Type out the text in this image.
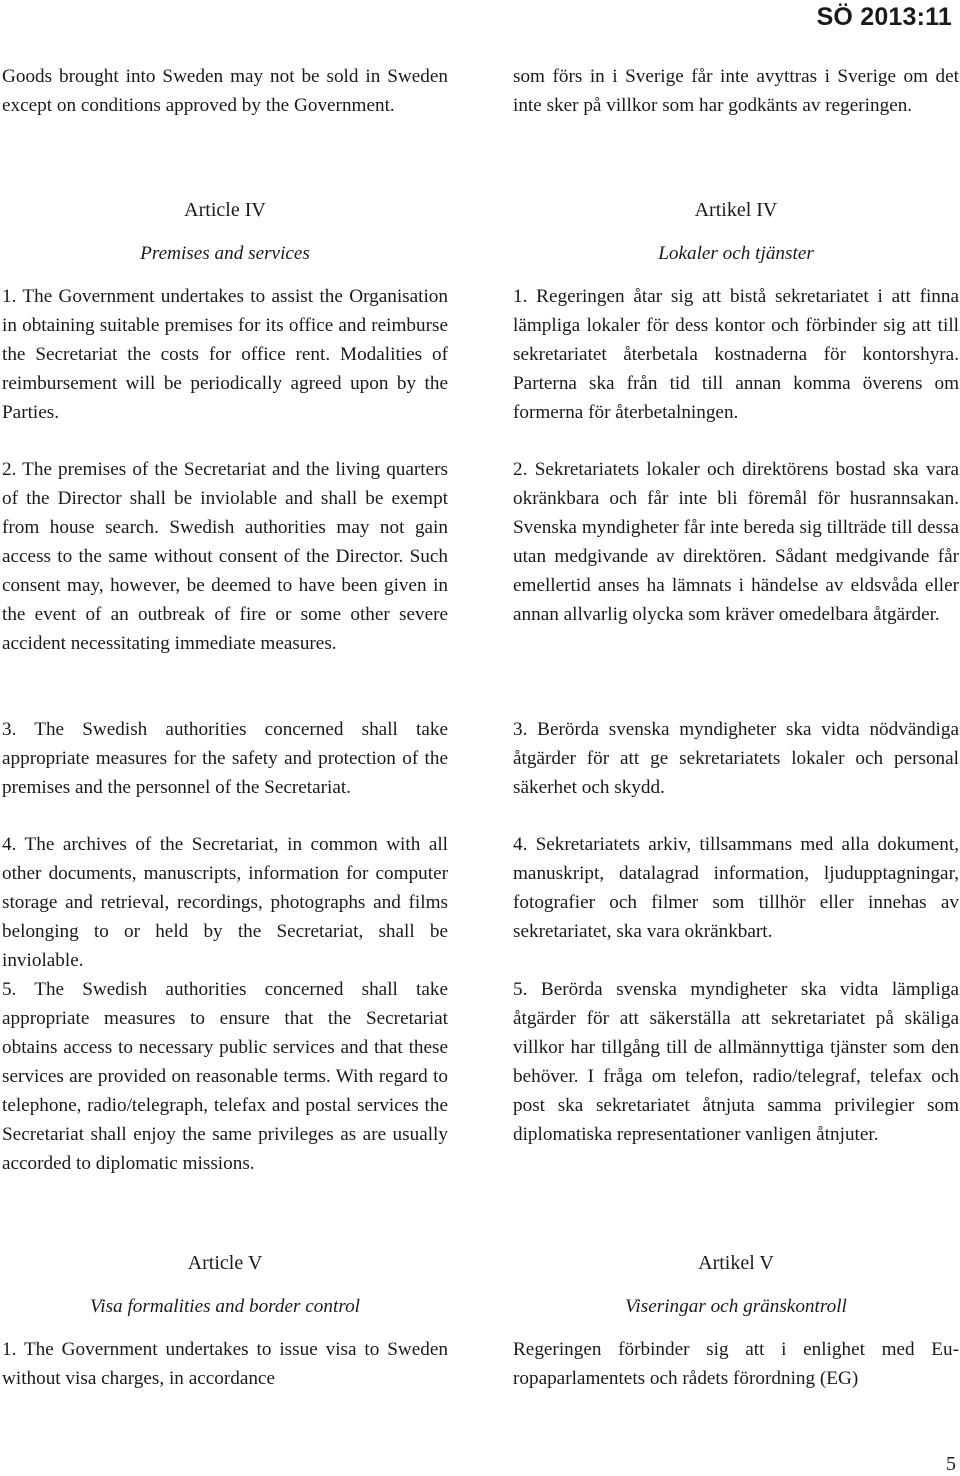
SÖ 2013:11

Goods brought into Sweden may not be sold in Sweden except on conditions approved by the Government.

Article IV

Premises and services

1. The Government undertakes to assist the Organisation in obtaining suitable premises for its office and reimburse the Secretariat the costs for office rent. Modalities of reimbursement will be periodically agreed upon by the Parties.

2. The premises of the Secretariat and the living quarters of the Director shall be inviolable and shall be exempt from house search. Swedish authorities may not gain access to the same without consent of the Director. Such consent may, however, be deemed to have been given in the event of an outbreak of fire or some other severe accident necessitating immediate measures.

3. The Swedish authorities concerned shall take appropriate measures for the safety and protection of the premises and the personnel of the Secretariat.

4. The archives of the Secretariat, in common with all other documents, manuscripts, information for computer storage and retrieval, recordings, photographs and films belonging to or held by the Secretariat, shall be inviolable.

5. The Swedish authorities concerned shall take appropriate measures to ensure that the Secretariat obtains access to necessary public services and that these services are provided on reasonable terms. With regard to telephone, radio/telegraph, telefax and postal services the Secretariat shall enjoy the same privileges as are usually accorded to diplomatic missions.

Article V

Visa formalities and border control

1. The Government undertakes to issue visa to Sweden without visa charges, in accordance

som förs in i Sverige får inte avyttras i Sverige om det inte sker på villkor som har godkänts av regeringen.

Artikel IV

Lokaler och tjänster

1. Regeringen åtar sig att bistå sekretariatet i att finna lämpliga lokaler för dess kontor och förbinder sig att till sekretariatet återbetala kostnaderna för kontorshyra. Parterna ska från tid till annan komma överens om formerna för återbetalningen.

2. Sekretariatets lokaler och direktörens bostad ska vara okränkbara och får inte bli föremål för husrannsakan. Svenska myndigheter får inte bereda sig tillträde till dessa utan medgivande av direktören. Sådant medgivande får emellertid anses ha lämnats i händelse av eldsvåda eller annan allvarlig olycka som kräver omedelbara åtgärder.

3. Berörda svenska myndigheter ska vidta nödvändiga åtgärder för att ge sekretariatets lokaler och personal säkerhet och skydd.

4. Sekretariatets arkiv, tillsammans med alla dokument, manuskript, datalagrad information, ljudupptagningar, fotografier och filmer som tillhör eller innehas av sekretariatet, ska vara okränkbart.

5. Berörda svenska myndigheter ska vidta lämpliga åtgärder för att säkerställa att sekretariatet på skäliga villkor har tillgång till de allmännyttiga tjänster som den behöver. I fråga om telefon, radio/telegraf, telefax och post ska sekretariatet åtnjuta samma privilegier som diplomatiska representationer vanligen åtnjuter.

Artikel V

Viseringar och gränskontroll

Regeringen förbinder sig att i enlighet med Europaparlamentets och rådets förordning (EG)

5
